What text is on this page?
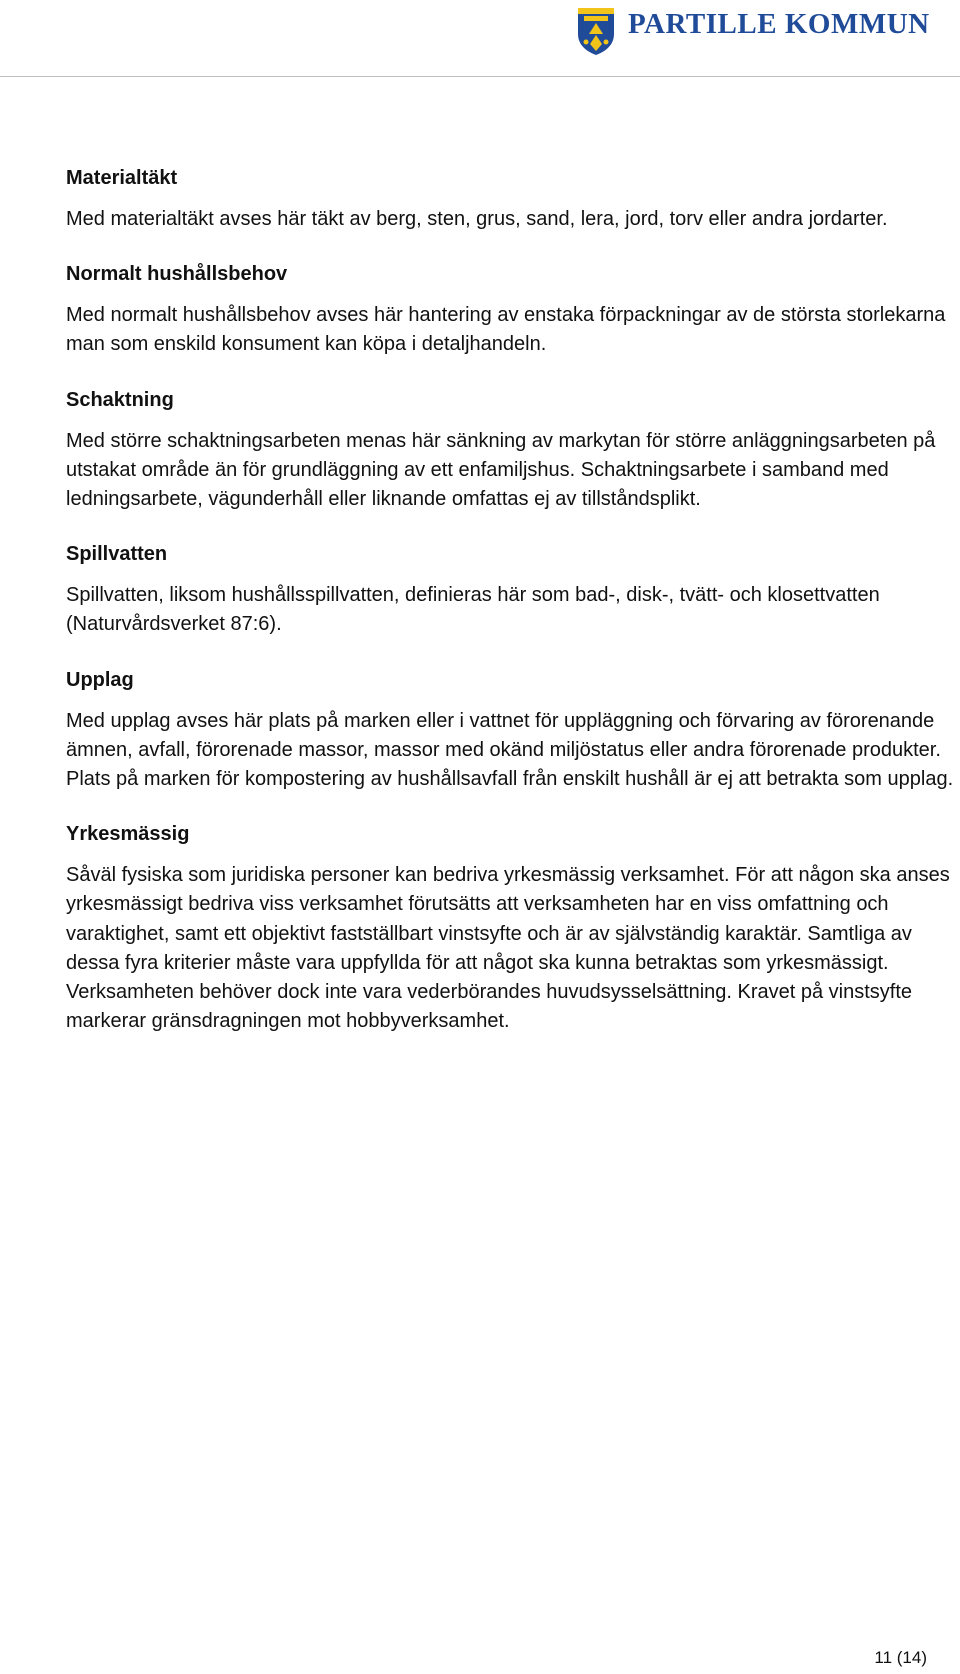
PARTILLE KOMMUN
Materialtäkt

Med materialtäkt avses här täkt av berg, sten, grus, sand, lera, jord, torv eller andra jordarter.

Normalt hushållsbehov

Med normalt hushållsbehov avses här hantering av enstaka förpackningar av de största storlekarna man som enskild konsument kan köpa i detaljhandeln.

Schaktning

Med större schaktningsarbeten menas här sänkning av markytan för större anläggningsarbeten på utstakat område än för grundläggning av ett enfamiljshus. Schaktningsarbete i samband med ledningsarbete, vägunderhåll eller liknande omfattas ej av tillståndsplikt.

Spillvatten

Spillvatten, liksom hushållsspillvatten, definieras här som bad-, disk-, tvätt- och klosettvatten (Naturvårdsverket 87:6).

Upplag

Med upplag avses här plats på marken eller i vattnet för uppläggning och förvaring av förorenande ämnen, avfall, förorenade massor, massor med okänd miljöstatus eller andra förorenade produkter. Plats på marken för kompostering av hushållsavfall från enskilt hushåll är ej att betrakta som upplag.

Yrkesmässig

Såväl fysiska som juridiska personer kan bedriva yrkesmässig verksamhet. För att någon ska anses yrkesmässigt bedriva viss verksamhet förutsätts att verksamheten har en viss omfattning och varaktighet, samt ett objektivt fastställbart vinstsyfte och är av självständig karaktär. Samtliga av dessa fyra kriterier måste vara uppfyllda för att något ska kunna betraktas som yrkesmässigt. Verksamheten behöver dock inte vara vederbörandes huvudsysselsättning. Kravet på vinstsyfte markerar gränsdragningen mot hobbyverksamhet.

11 (14)
